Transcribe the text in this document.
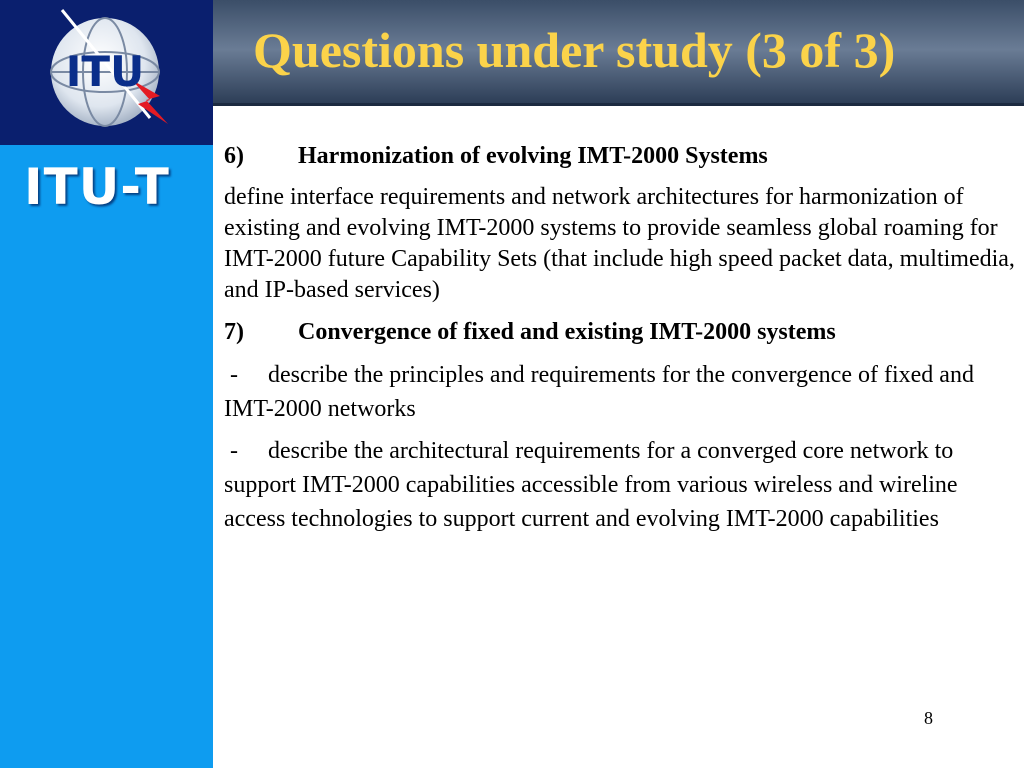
ITU
ITU-T
Questions under study (3 of 3)
6) Harmonization of evolving IMT-2000 Systems
define interface requirements and network architectures for harmonization of existing and evolving IMT-2000 systems to provide seamless global roaming for IMT-2000 future Capability Sets (that include high speed packet data, multimedia, and IP-based services)
7) Convergence of fixed and existing IMT-2000 systems
- describe the principles and requirements for the convergence of fixed and IMT-2000 networks
- describe the architectural requirements for a converged core network to support IMT-2000 capabilities accessible from various wireless and wireline access technologies to support current and evolving IMT-2000 capabilities
8
